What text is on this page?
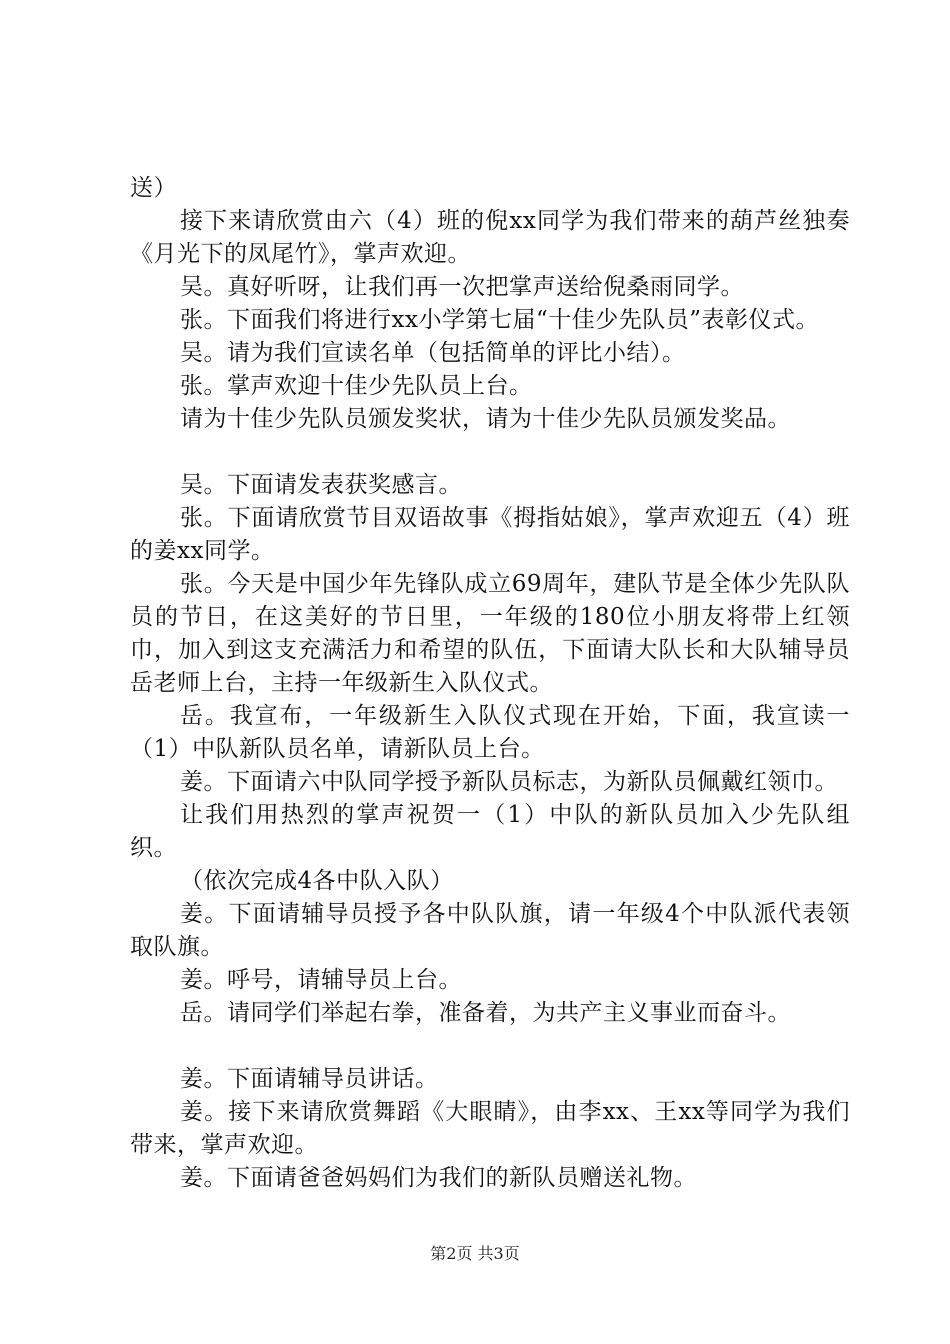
送）

接下来请欣赏由六（4）班的倪xx同学为我们带来的葫芦丝独奏《月光下的凤尾竹》，掌声欢迎。

吴。真好听呀，让我们再一次把掌声送给倪桑雨同学。

张。下面我们将进行xx小学第七届“十佳少先队员”表彰仪式。

吴。请为我们宣读名单（包括简单的评比小结）。

张。掌声欢迎十佳少先队员上台。

请为十佳少先队员颁发奖状，请为十佳少先队员颁发奖品。

吴。下面请发表获奖感言。

张。下面请欣赏节目双语故事《拇指姑娘》，掌声欢迎五（4）班的姜xx同学。

张。今天是中国少年先锋队成立69周年，建队节是全体少先队队员的节日，在这美好的节日里，一年级的180位小朋友将带上红领巾，加入到这支充满活力和希望的队伍，下面请大队长和大队辅导员岳老师上台，主持一年级新生入队仪式。

岳。我宣布，一年级新生入队仪式现在开始，下面，我宣读一（1）中队新队员名单，请新队员上台。

姜。下面请六中队同学授予新队员标志，为新队员佩戴红领巾。

让我们用热烈的掌声祝贺一（1）中队的新队员加入少先队组织。

（依次完成4各中队入队）

姜。下面请辅导员授予各中队队旗，请一年级4个中队派代表领取队旗。

姜。呼号，请辅导员上台。

岳。请同学们举起右拳，准备着，为共产主义事业而奋斗。

姜。下面请辅导员讲话。

姜。接下来请欣赏舞蹈《大眼睛》，由李xx、王xx等同学为我们带来，掌声欢迎。

姜。下面请爸爸妈妈们为我们的新队员赠送礼物。

第2页 共3页
